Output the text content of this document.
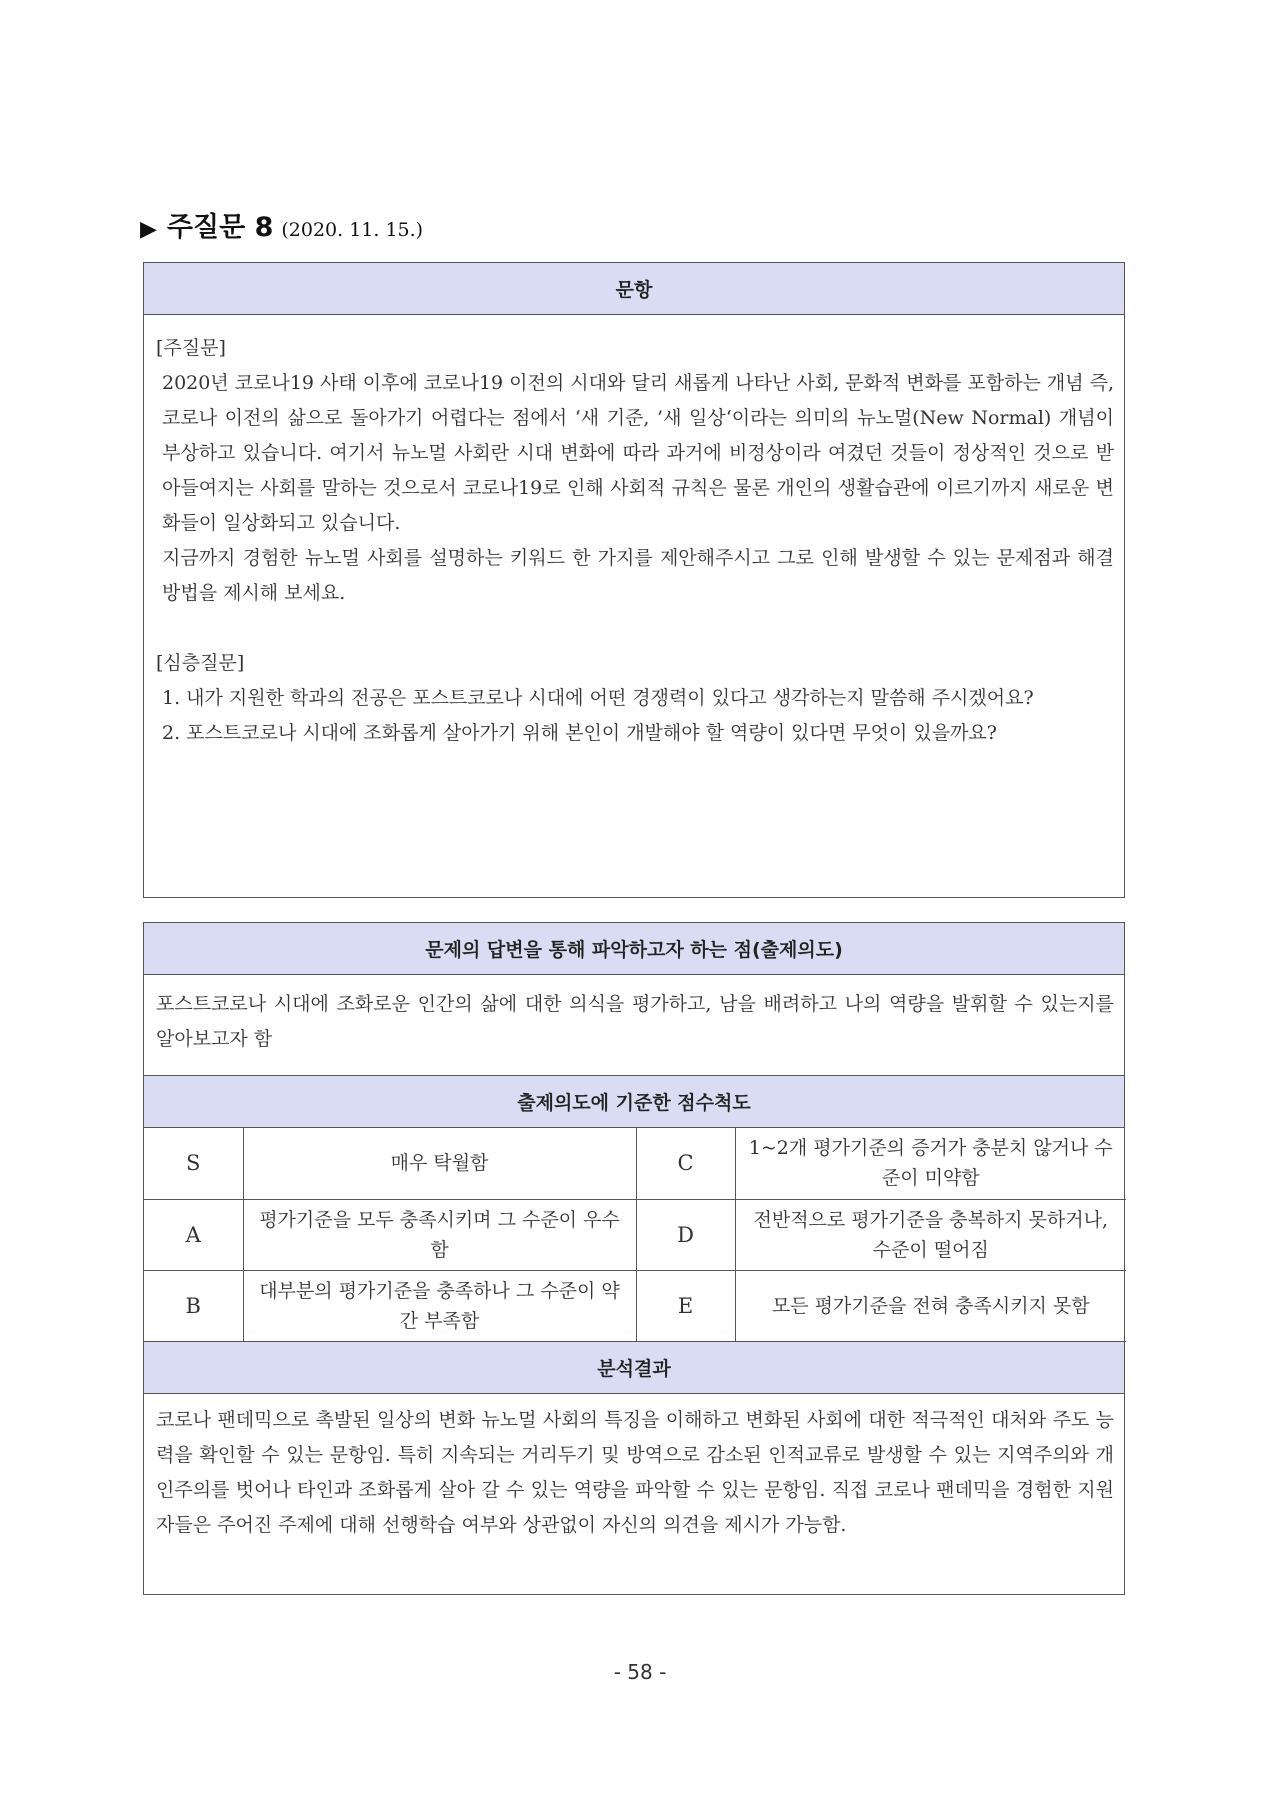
▶ 주질문 8 (2020. 11. 15.)
문항
[주질문]

2020년 코로나19 사태 이후에 코로나19 이전의 시대와 달리 새롭게 나타난 사회, 문화적 변화를 포함하는 개념 즉, 코로나 이전의 삶으로 돌아가기 어렵다는 점에서 ‘새 기준, ’새 일상‘이라는 의미의 뉴노멀(New Normal) 개념이 부상하고 있습니다. 여기서 뉴노멀 사회란 시대 변화에 따라 과거에 비정상이라 여겼던 것들이 정상적인 것으로 받아들여지는 사회를 말하는 것으로서 코로나19로 인해 사회적 규칙은 물론 개인의 생활습관에 이르기까지 새로운 변화들이 일상화되고 있습니다.

지금까지 경험한 뉴노멀 사회를 설명하는 키워드 한 가지를 제안해주시고 그로 인해 발생할 수 있는 문제점과 해결방법을 제시해 보세요.

[심층질문]

1. 내가 지원한 학과의 전공은 포스트코로나 시대에 어떤 경쟁력이 있다고 생각하는지 말씀해 주시겠어요?

2. 포스트코로나 시대에 조화롭게 살아가기 위해 본인이 개발해야 할 역량이 있다면 무엇이 있을까요?

문제의 답변을 통해 파악하고자 하는 점(출제의도)

포스트코로나 시대에 조화로운 인간의 삶에 대한 의식을 평가하고, 남을 배려하고 나의 역량을 발휘할 수 있는지를 알아보고자 함

출제의도에 기준한 점수척도
S	매우 탁월함	C	1~2개 평가기준의 증거가 충분치 않거나 수준이 미약함
A	평가기준을 모두 충족시키며 그 수준이 우수함	D	전반적으로 평가기준을 충복하지 못하거나, 수준이 떨어짐
B	대부분의 평가기준을 충족하나 그 수준이 약간 부족함	E	모든 평가기준을 전혀 충족시키지 못함
분석결과

코로나 팬데믹으로 촉발된 일상의 변화 뉴노멀 사회의 특징을 이해하고 변화된 사회에 대한 적극적인 대처와 주도 능력을 확인할 수 있는 문항임. 특히 지속되는 거리두기 및 방역으로 감소된 인적교류로 발생할 수 있는 지역주의와 개인주의를 벗어나 타인과 조화롭게 살아 갈 수 있는 역량을 파악할 수 있는 문항임. 직접 코로나 팬데믹을 경험한 지원자들은 주어진 주제에 대해 선행학습 여부와 상관없이 자신의 의견을 제시가 가능함.

- 58 -
